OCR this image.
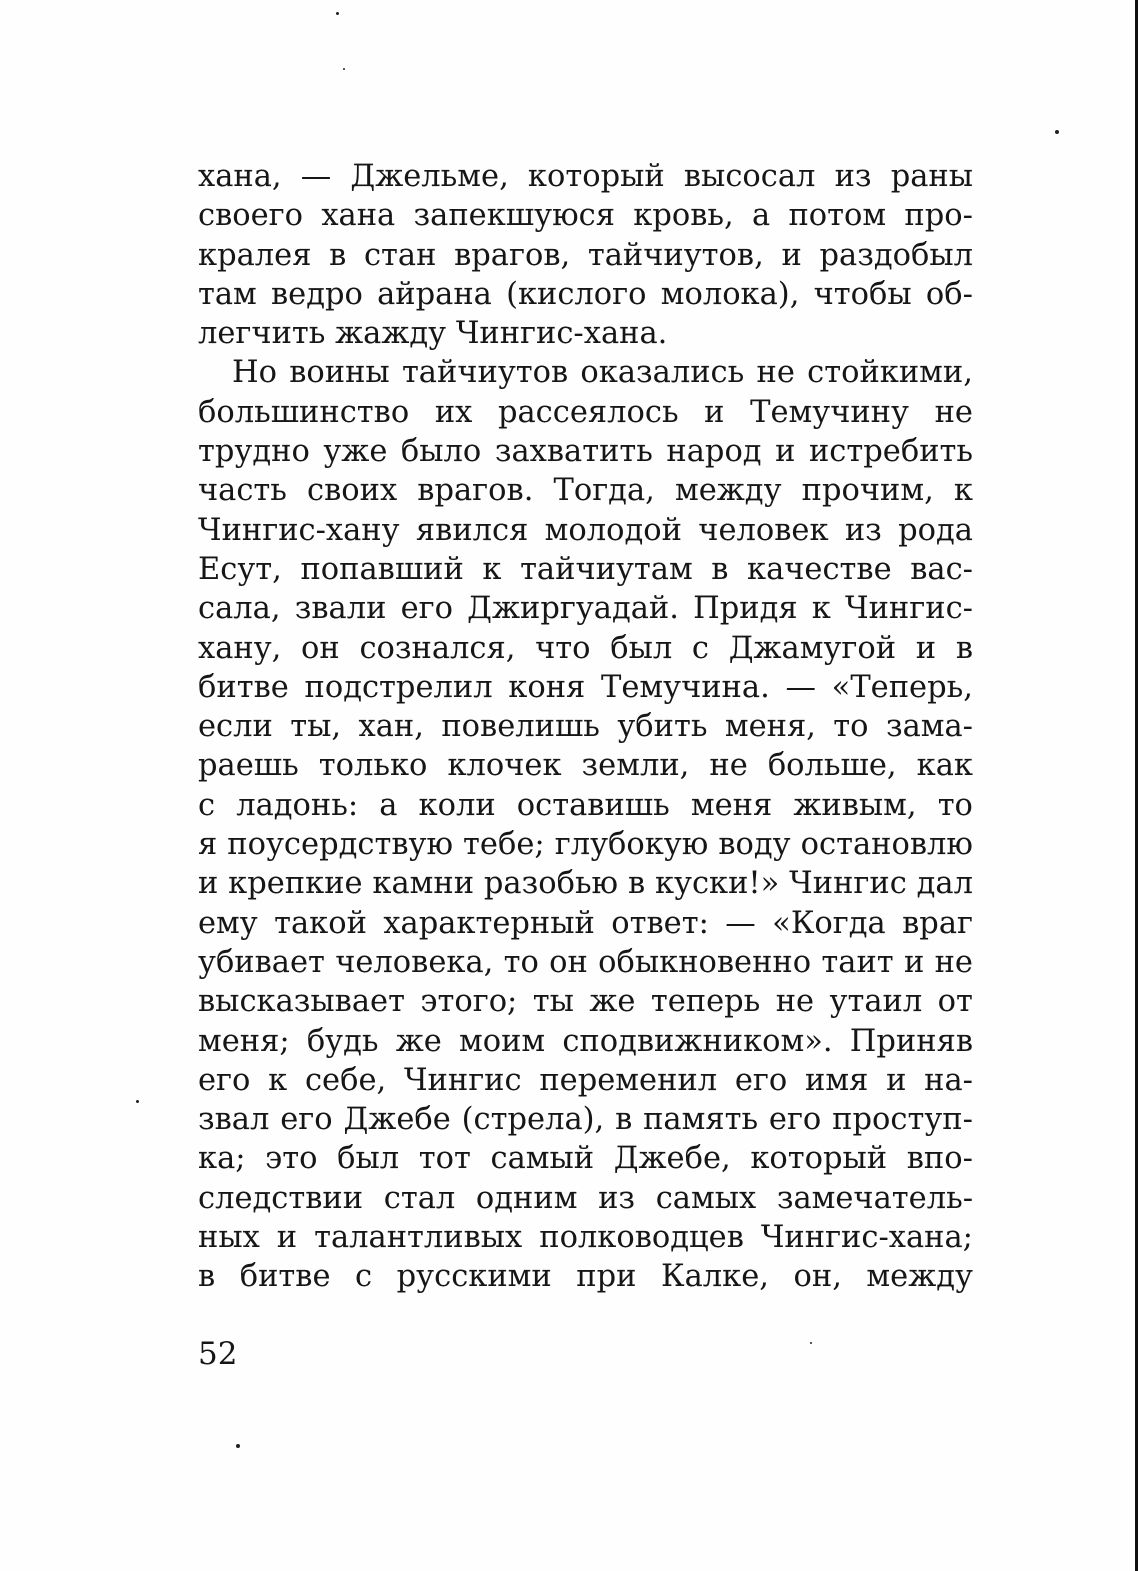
хана, — Джельме, который высосал из раны
своего хана запекшуюся кровь, а потом про-
кралея в стан врагов, тайчиутов, и раздобыл
там ведро айрана (кислого молока), чтобы об-
легчить жажду Чингис-хана.
Но воины тайчиутов оказались не стойкими,
большинство их рассеялось и Темучину не
трудно уже было захватить народ и истребить
часть своих врагов. Тогда, между прочим, к
Чингис-хану явился молодой человек из рода
Есут, попавший к тайчиутам в качестве вас-
сала, звали его Джиргуадай. Придя к Чингис-
хану, он сознался, что был с Джамугой и в
битве подстрелил коня Темучина. — «Теперь,
если ты, хан, повелишь убить меня, то зама-
раешь только клочек земли, не больше, как
с ладонь: а коли оставишь меня живым, то
я поусердствую тебе; глубокую воду остановлю
и крепкие камни разобью в куски!» Чингис дал
ему такой характерный ответ: — «Когда враг
убивает человека, то он обыкновенно таит и не
высказывает этого; ты же теперь не утаил от
меня; будь же моим сподвижником». Приняв
его к себе, Чингис переменил его имя и на-
звал его Джебе (стрела), в память его проступ-
ка; это был тот самый Джебе, который впо-
следствии стал одним из самых замечатель-
ных и талантливых полководцев Чингис-хана;
в битве с русскими при Калке, он, между
52
